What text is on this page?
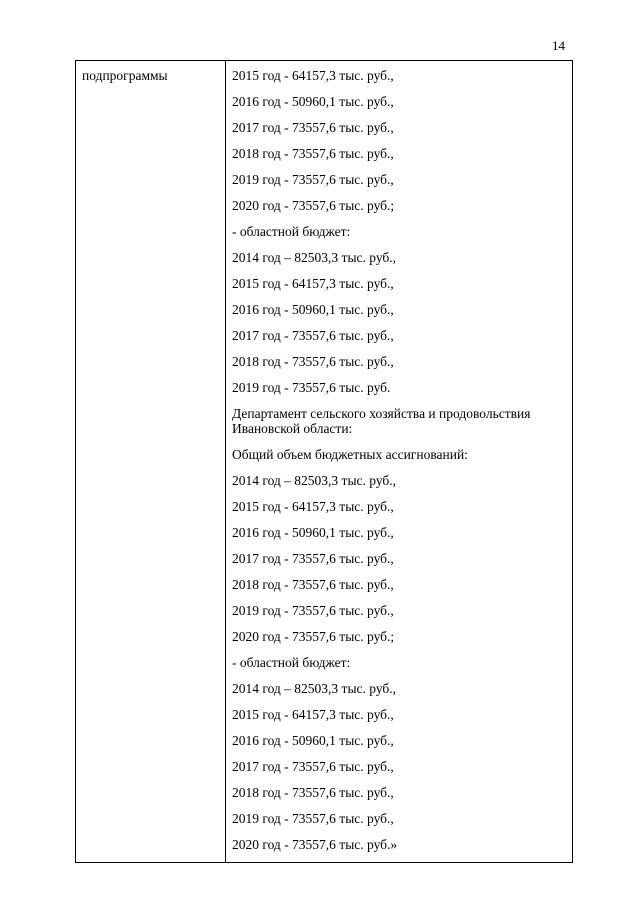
14
подпрограммы	2015 год - 64157,3 тыс. руб.,
2016 год - 50960,1 тыс. руб.,
2017 год - 73557,6 тыс. руб.,
2018 год - 73557,6 тыс. руб.,
2019 год - 73557,6 тыс. руб.,
2020 год - 73557,6 тыс. руб.;
- областной бюджет:
2014 год – 82503,3 тыс. руб.,
2015 год - 64157,3 тыс. руб.,
2016 год - 50960,1 тыс. руб.,
2017 год - 73557,6 тыс. руб.,
2018 год - 73557,6 тыс. руб.,
2019 год - 73557,6 тыс. руб.
Департамент сельского хозяйства и продовольствия Ивановской области:
Общий объем бюджетных ассигнований:
2014 год – 82503,3 тыс. руб.,
2015 год - 64157,3 тыс. руб.,
2016 год - 50960,1 тыс. руб.,
2017 год - 73557,6 тыс. руб.,
2018 год - 73557,6 тыс. руб.,
2019 год - 73557,6 тыс. руб.,
2020 год - 73557,6 тыс. руб.;
- областной бюджет:
2014 год – 82503,3 тыс. руб.,
2015 год - 64157,3 тыс. руб.,
2016 год - 50960,1 тыс. руб.,
2017 год - 73557,6 тыс. руб.,
2018 год - 73557,6 тыс. руб.,
2019 год - 73557,6 тыс. руб.,
2020 год - 73557,6 тыс. руб.»
